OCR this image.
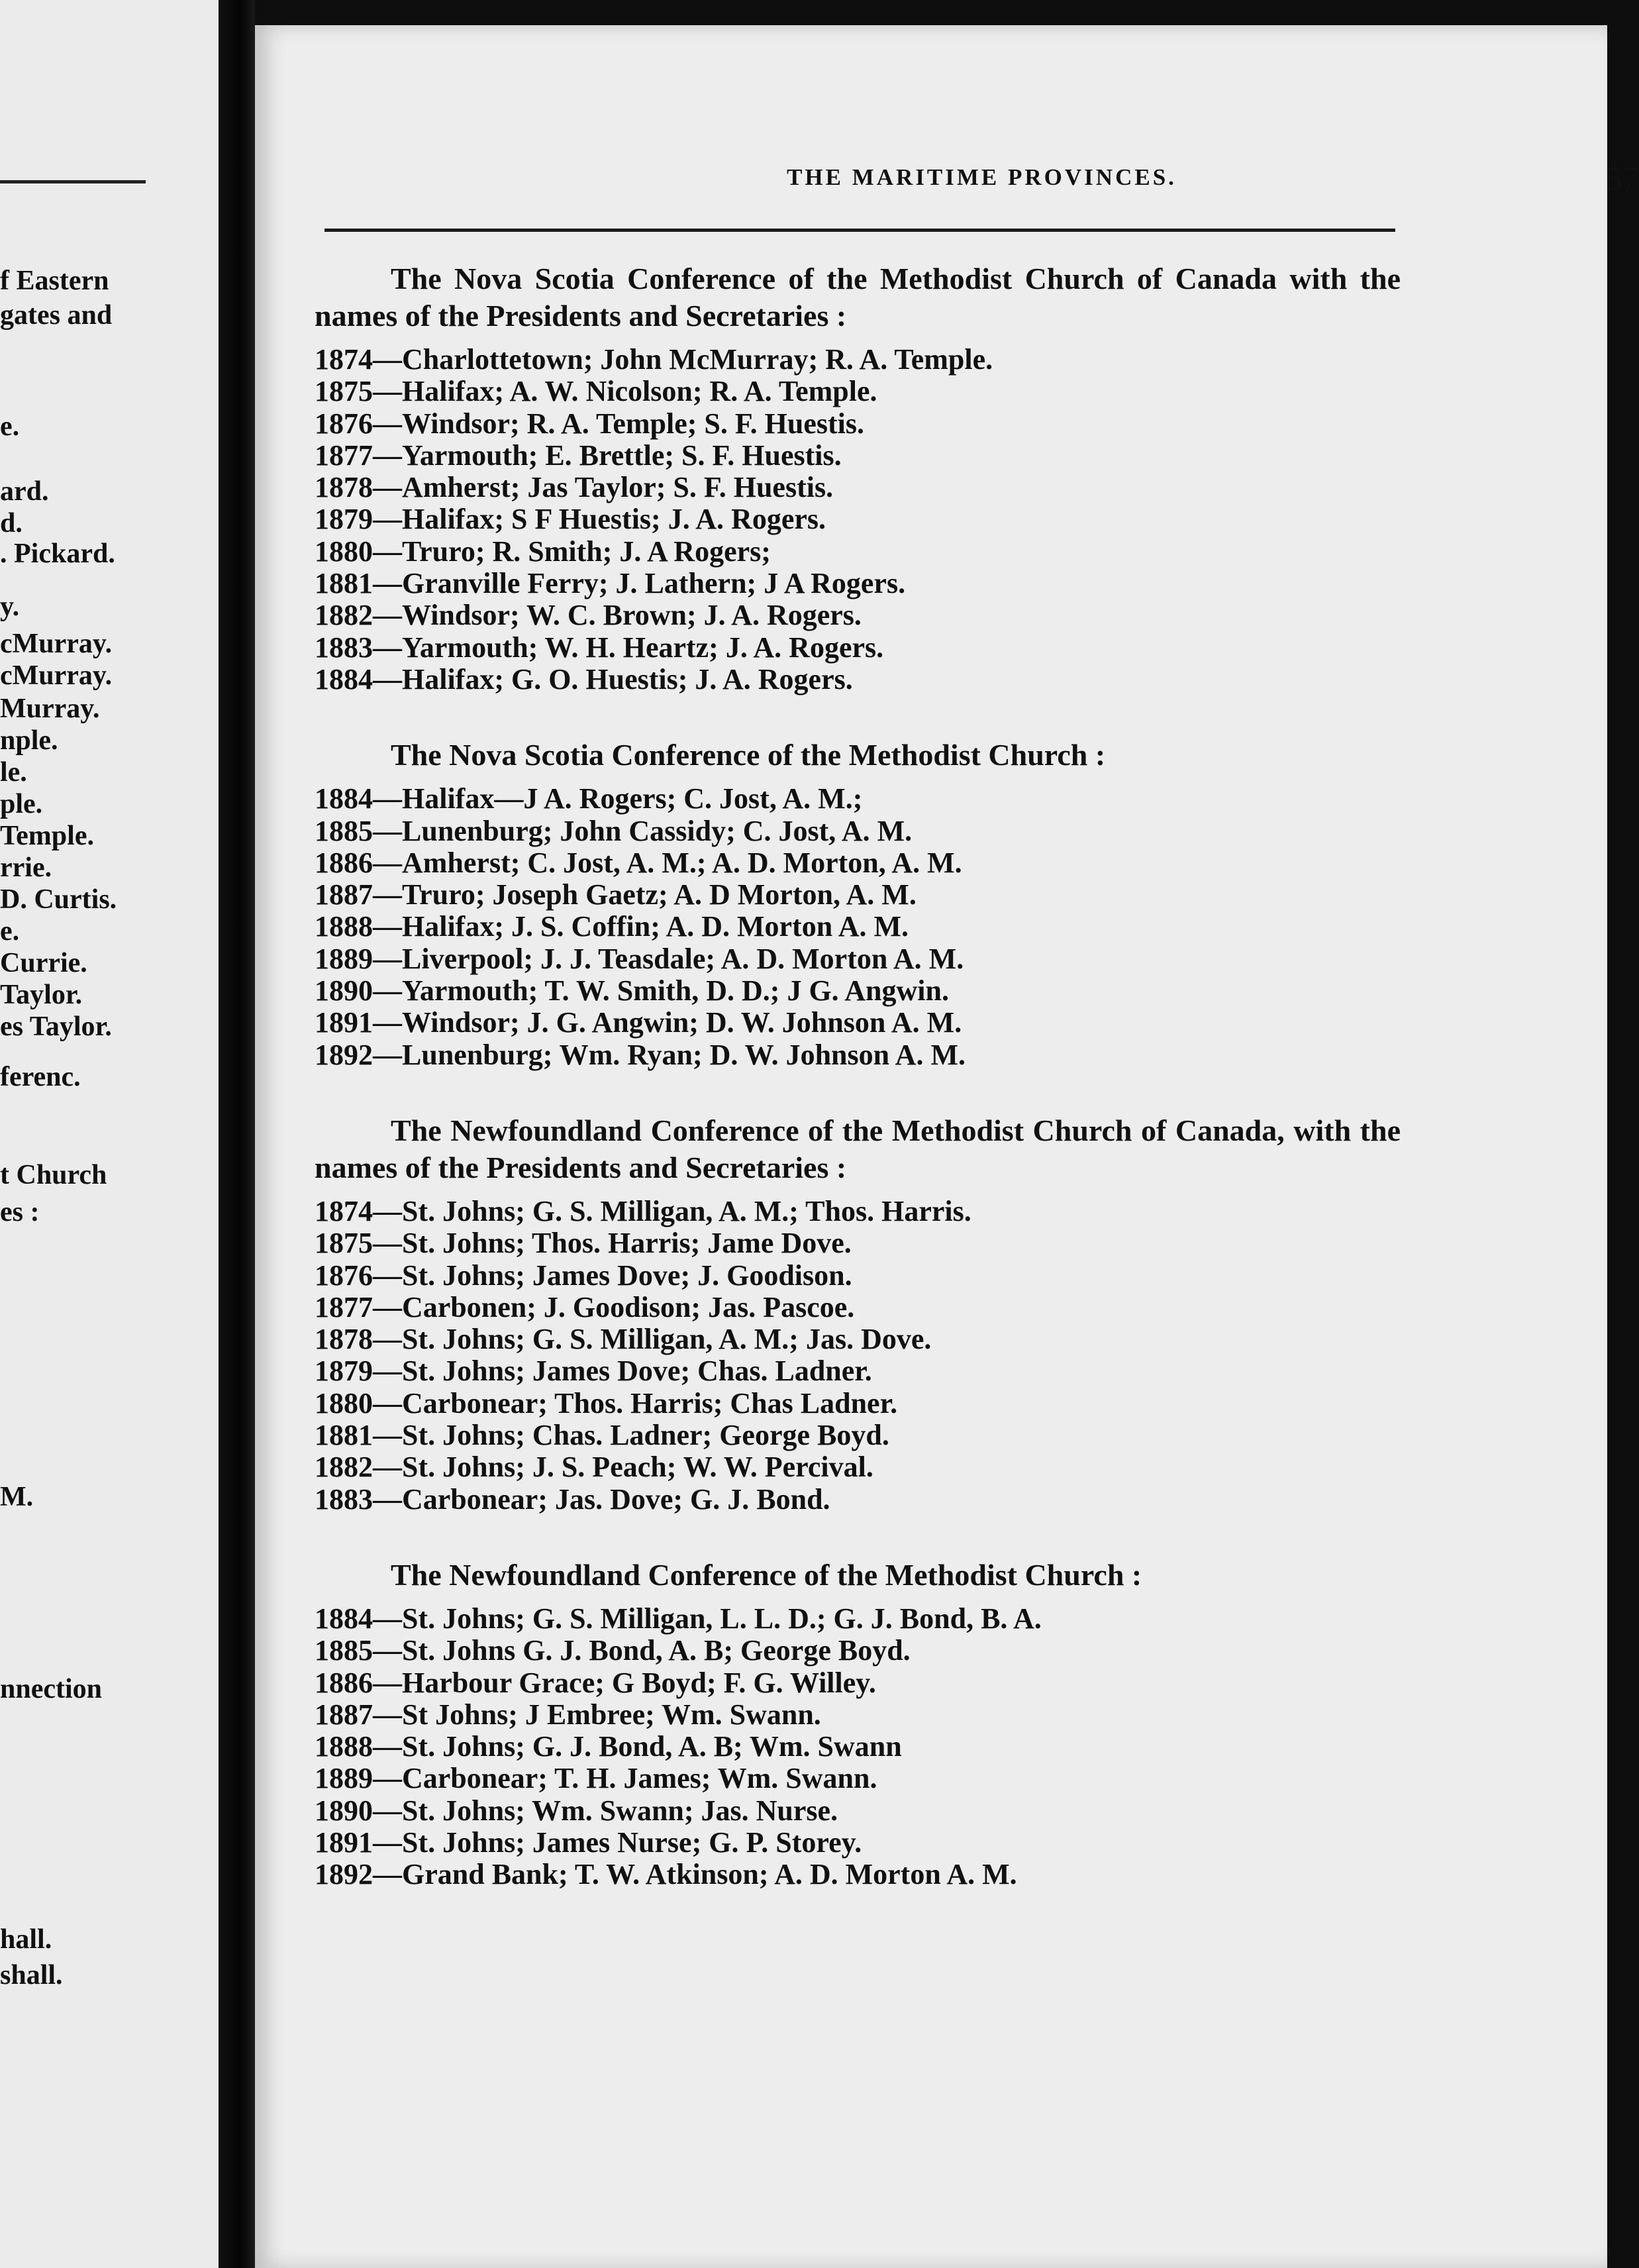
f Eastern
gates and
e.
ard.
d.
. Pickard.
y.
cMurray.
cMurray.
Murray.
nple.
le.
ple.
Temple.
rrie.
D. Curtis.
e.
Currie.
Taylor.
es Taylor.
ferenc.
t Church
es :
M.
nnection
hall.
shall.
THE MARITIME PROVINCES.	57

The Nova Scotia Conference of the Methodist Church of Canada with the names of the Presidents and Secretaries :

1874—Charlottetown; John McMurray; R. A. Temple.
1875—Halifax; A. W. Nicolson; R. A. Temple.
1876—Windsor; R. A. Temple; S. F. Huestis.
1877—Yarmouth; E. Brettle; S. F. Huestis.
1878—Amherst; Jas Taylor; S. F. Huestis.
1879—Halifax; S F Huestis; J. A. Rogers.
1880—Truro; R. Smith; J. A Rogers;
1881—Granville Ferry; J. Lathern; J A Rogers.
1882—Windsor; W. C. Brown; J. A. Rogers.
1883—Yarmouth; W. H. Heartz; J. A. Rogers.
1884—Halifax; G. O. Huestis; J. A. Rogers.

The Nova Scotia Conference of the Methodist Church :

1884—Halifax—J A. Rogers; C. Jost, A. M.;
1885—Lunenburg; John Cassidy; C. Jost, A. M.
1886—Amherst; C. Jost, A. M.; A. D. Morton, A. M.
1887—Truro; Joseph Gaetz; A. D Morton, A. M.
1888—Halifax; J. S. Coffin; A. D. Morton A. M.
1889—Liverpool; J. J. Teasdale; A. D. Morton A. M.
1890—Yarmouth; T. W. Smith, D. D.; J G. Angwin.
1891—Windsor; J. G. Angwin; D. W. Johnson A. M.
1892—Lunenburg; Wm. Ryan; D. W. Johnson A. M.

The Newfoundland Conference of the Methodist Church of Canada, with the names of the Presidents and Secretaries :

1874—St. Johns; G. S. Milligan, A. M.; Thos. Harris.
1875—St. Johns; Thos. Harris; Jame Dove.
1876—St. Johns; James Dove; J. Goodison.
1877—Carbonen; J. Goodison; Jas. Pascoe.
1878—St. Johns; G. S. Milligan, A. M.; Jas. Dove.
1879—St. Johns; James Dove; Chas. Ladner.
1880—Carbonear; Thos. Harris; Chas Ladner.
1881—St. Johns; Chas. Ladner; George Boyd.
1882—St. Johns; J. S. Peach; W. W. Percival.
1883—Carbonear; Jas. Dove; G. J. Bond.

The Newfoundland Conference of the Methodist Church :

1884—St. Johns; G. S. Milligan, L. L. D.; G. J. Bond, B. A.
1885—St. Johns G. J. Bond, A. B; George Boyd.
1886—Harbour Grace; G Boyd; F. G. Willey.
1887—St Johns; J Embree; Wm. Swann.
1888—St. Johns; G. J. Bond, A. B; Wm. Swann
1889—Carbonear; T. H. James; Wm. Swann.
1890—St. Johns; Wm. Swann; Jas. Nurse.
1891—St. Johns; James Nurse; G. P. Storey.
1892—Grand Bank; T. W. Atkinson; A. D. Morton A. M.
